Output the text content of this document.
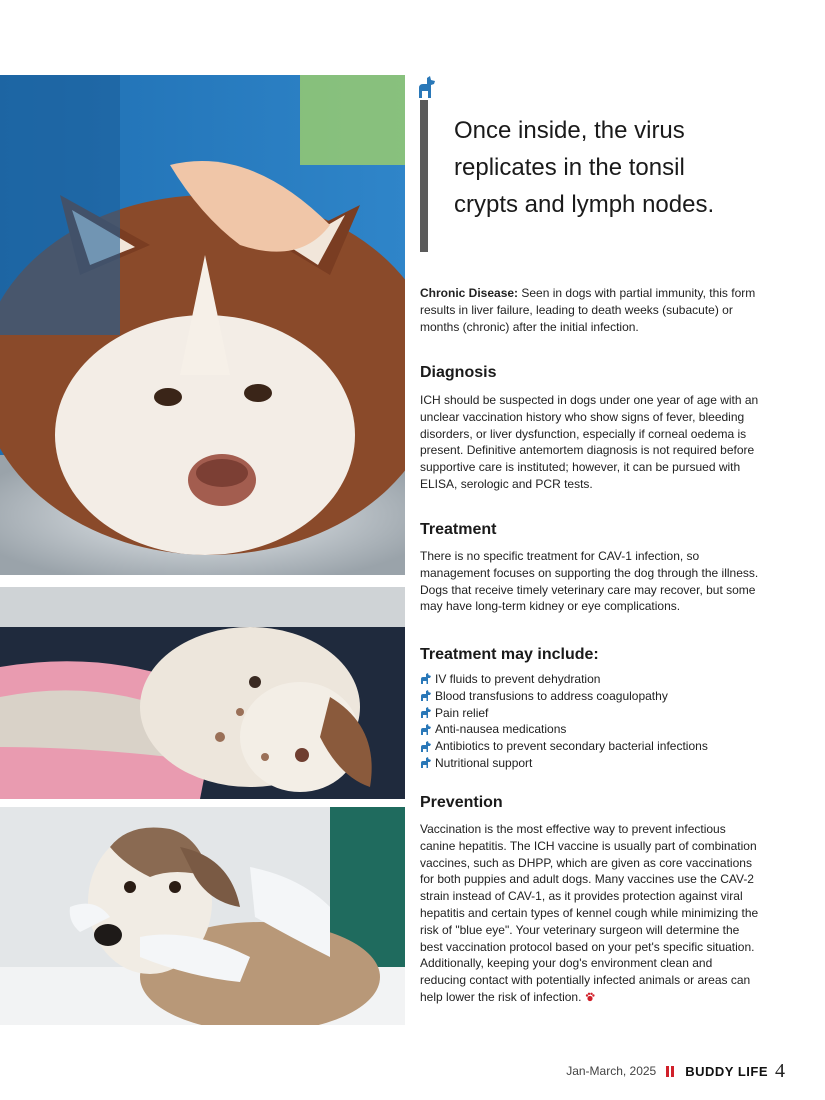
Once inside, the virus replicates in the tonsil crypts and lymph nodes.

Chronic Disease: Seen in dogs with partial immunity, this form results in liver failure, leading to death weeks (subacute) or months (chronic) after the initial infection.

Diagnosis

ICH should be suspected in dogs under one year of age with an unclear vaccination history who show signs of fever, bleeding disorders, or liver dysfunction, especially if corneal oedema is present. Definitive antemortem diagnosis is not required before supportive care is instituted; however, it can be pursued with ELISA, serologic and PCR tests.

Treatment

There is no specific treatment for CAV-1 infection, so management focuses on supporting the dog through the illness. Dogs that receive timely veterinary care may recover, but some may have long-term kidney or eye complications.

Treatment may include:
IV fluids to prevent dehydration
Blood transfusions to address coagulopathy
Pain relief
Anti-nausea medications
Antibiotics to prevent secondary bacterial infections
Nutritional support
Prevention

Vaccination is the most effective way to prevent infectious canine hepatitis. The ICH vaccine is usually part of combination vaccines, such as DHPP, which are given as core vaccinations for both puppies and adult dogs. Many vaccines use the CAV-2 strain instead of CAV-1, as it provides protection against viral hepatitis and certain types of kennel cough while minimizing the risk of "blue eye". Your veterinary surgeon will determine the best vaccination protocol based on your pet's specific situation. Additionally, keeping your dog's environment clean and reducing contact with potentially infected animals or areas can help lower the risk of infection.

Jan-March, 2025 BUDDY LIFE 4
